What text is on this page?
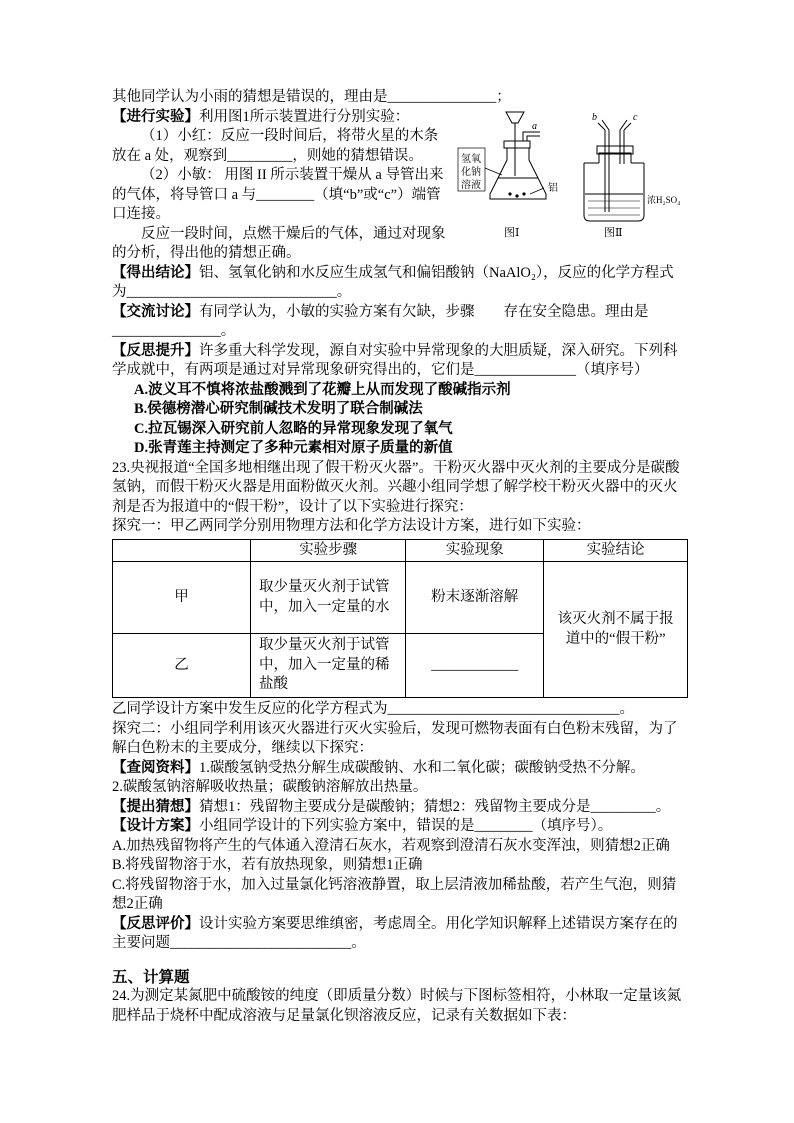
其他同学认为小雨的猜想是错误的，理由是_______________；

a
b	c
氢氧
化钠
溶液	铝
浓H₂SO₄
图Ⅰ	图Ⅱ

【进行实验】利用图1所示装置进行分别实验：

（1）小红：反应一段时间后，将带火星的木条放在 a 处，观察到_________，则她的猜想错误。

（2）小敏： 用图 II 所示装置干燥从 a 导管出来的气体，将导管口 a 与________（填“b”或“c”）端管口连接。

反应一段时间，点燃干燥后的气体，通过对现象的分析，得出他的猜想正确。

【得出结论】铝、氢氧化钠和水反应生成氢气和偏铝酸钠（NaAlO₂），反应的化学方程式为_____________________________。

【交流讨论】有同学认为，小敏的实验方案有欠缺，步骤　　存在安全隐患。理由是_______________。

【反思提升】许多重大科学发现，源自对实验中异常现象的大胆质疑，深入研究。下列科学成就中，有两项是通过对异常现象研究得出的，它们是______________（填序号）

A.波义耳不慎将浓盐酸溅到了花瓣上从而发现了酸碱指示剂

B.侯德榜潜心研究制碱技术发明了联合制碱法

C.拉瓦锡深入研究前人忽略的异常现象发现了氧气

D.张青莲主持测定了多种元素相对原子质量的新值

23.央视报道“全国多地相继出现了假干粉灭火器”。干粉灭火器中灭火剂的主要成分是碳酸氢钠，而假干粉灭火器是用面粉做灭火剂。兴趣小组同学想了解学校干粉灭火器中的灭火剂是否为报道中的“假干粉”，设计了以下实验进行探究：

探究一：甲乙两同学分别用物理方法和化学方法设计方案，进行如下实验：

	实验步骤	实验现象	实验结论
甲	取少量灭火剂于试管中，加入一定量的水	粉末逐渐溶解	该灭火剂不属于报道中的“假干粉”
乙	取少量灭火剂于试管中，加入一定量的稀盐酸	____________	

乙同学设计方案中发生反应的化学方程式为________________________________。

探究二：小组同学利用该灭火器进行灭火实验后，发现可燃物表面有白色粉末残留，为了解白色粉末的主要成分，继续以下探究：

【查阅资料】1.碳酸氢钠受热分解生成碳酸钠、水和二氧化碳；碳酸钠受热不分解。

2.碳酸氢钠溶解吸收热量；碳酸钠溶解放出热量。

【提出猜想】猜想1：残留物主要成分是碳酸钠；猜想2：残留物主要成分是_________。

【设计方案】小组同学设计的下列实验方案中，错误的是________（填序号）。

A.加热残留物将产生的气体通入澄清石灰水，若观察到澄清石灰水变浑浊，则猜想2正确

B.将残留物溶于水，若有放热现象，则猜想1正确

C.将残留物溶于水，加入过量氯化钙溶液静置，取上层清液加稀盐酸，若产生气泡，则猜想2正确

【反思评价】设计实验方案要思维缜密，考虑周全。用化学知识解释上述错误方案存在的主要问题_________________________。

五、计算题

24.为测定某氮肥中硫酸铵的纯度（即质量分数）时候与下图标签相符，小林取一定量该氮肥样品于烧杯中配成溶液与足量氯化钡溶液反应，记录有关数据如下表：
